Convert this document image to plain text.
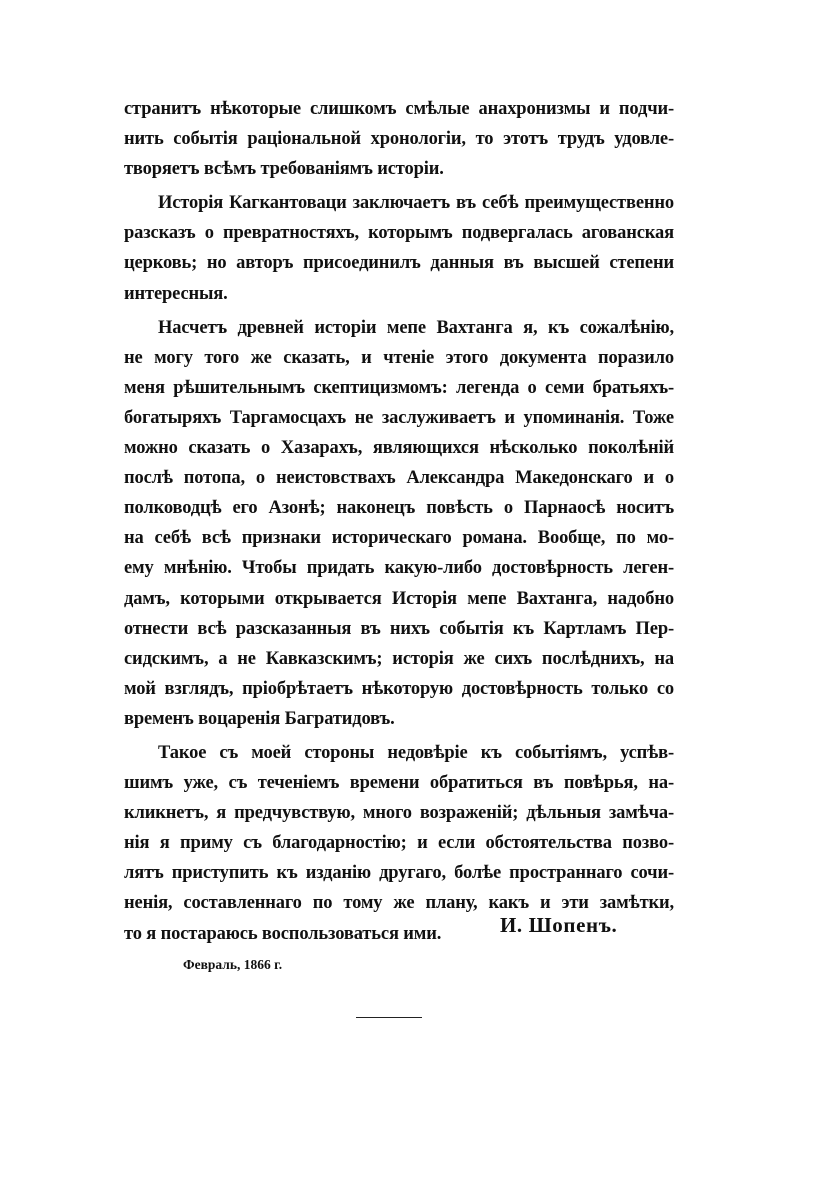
странитъ нѣкоторые слишкомъ смѣлые анахронизмы и подчи-
нить событія раціональной хронологіи, то этотъ трудъ удовле-
творяетъ всѣмъ требованіямъ исторіи.
Исторія Кагкантоваци заключаетъ въ себѣ преимущественно
разсказъ о превратностяхъ, которымъ подвергалась агованская
церковь; но авторъ присоединилъ данныя въ высшей степени
интересныя.
Насчетъ древней исторіи мепе Вахтанга я, къ сожалѣнію,
не могу того же сказать, и чтеніе этого документа поразило
меня рѣшительнымъ скептицизмомъ: легенда о семи братьяхъ-
богатыряхъ Таргамосцахъ не заслуживаетъ и упоминанія. Тоже
можно сказать о Хазарахъ, являющихся нѣсколько поколѣній
послѣ потопа, о неистовствахъ Александра Македонскаго и о
полководцѣ его Азонѣ; наконецъ повѣсть о Парнаосѣ носитъ
на себѣ всѣ признаки историческаго романа. Вообще, по мо-
ему мнѣнію. Чтобы придать какую-либо достовѣрность леген-
дамъ, которыми открывается Исторія мепе Вахтанга, надобно
отнести всѣ разсказанныя въ нихъ событія къ Картламъ Пер-
сидскимъ, а не Кавказскимъ; исторія же сихъ послѣднихъ, на
мой взглядъ, пріобрѣтаетъ нѣкоторую достовѣрность только со
временъ воцаренія Багратидовъ.
Такое съ моей стороны недовѣріе къ событіямъ, успѣв-
шимъ уже, съ теченіемъ времени обратиться въ повѣрья, на-
кликнетъ, я предчувствую, много возраженій; дѣльныя замѣча-
нія я приму съ благодарностію; и если обстоятельства позво-
лятъ приступить къ изданію другаго, болѣе пространнаго сочи-
ненія, составленнаго по тому же плану, какъ и эти замѣтки,
то я постараюсь воспользоваться ими.	И. Шопенъ.
Февраль, 1866 г.
